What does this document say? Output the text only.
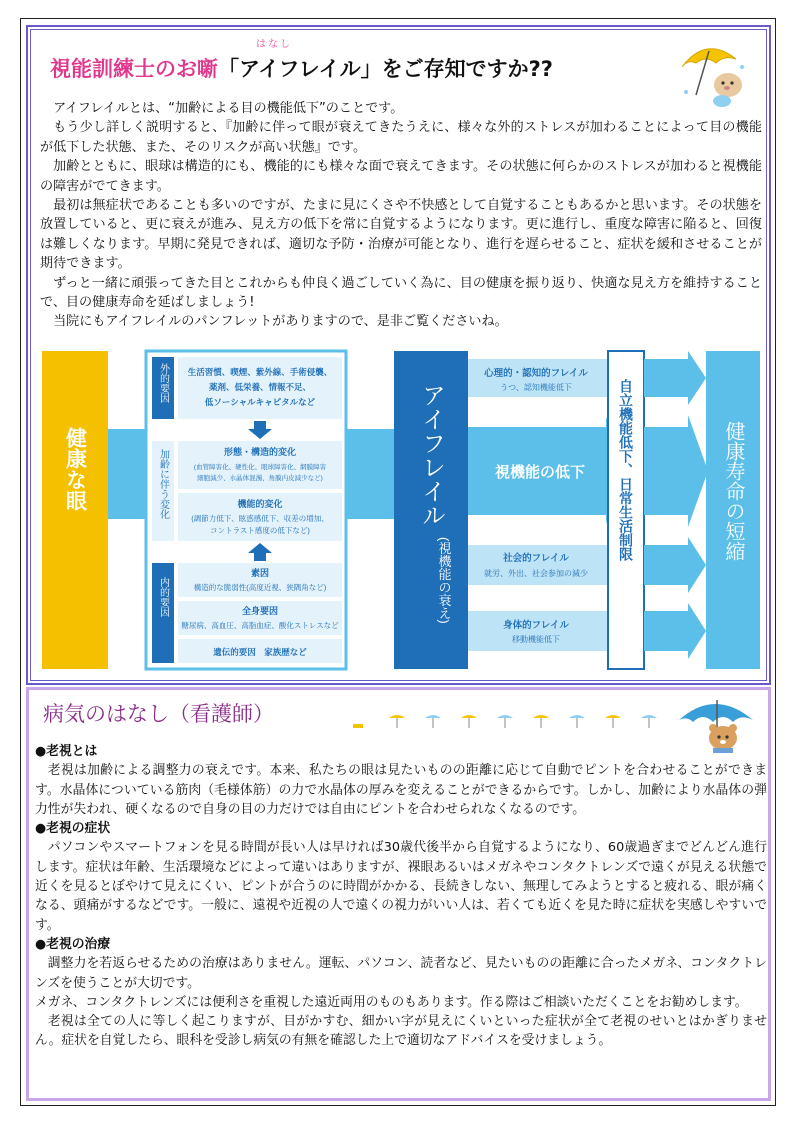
はなし
視能訓練士のお噺「アイフレイル」をご存知ですか??

アイフレイルとは、“加齢による目の機能低下”のことです。

もう少し詳しく説明すると、『加齢に伴って眼が衰えてきたうえに、様々な外的ストレスが加わることによって目の機能が低下した状態、また、そのリスクが高い状態』です。

加齢とともに、眼球は構造的にも、機能的にも様々な面で衰えてきます。その状態に何らかのストレスが加わると視機能の障害がでてきます。

最初は無症状であることも多いのですが、たまに見にくさや不快感として自覚することもあるかと思います。その状態を放置していると、更に衰えが進み、見え方の低下を常に自覚するようになります。更に進行し、重度な障害に陥ると、回復は難しくなります。早期に発見できれば、適切な予防・治療が可能となり、進行を遅らせること、症状を緩和させることが期待できます。

ずっと一緒に頑張ってきた目とこれからも仲良く過ごしていく為に、目の健康を振り返り、快適な見え方を維持することで、目の健康寿命を延ばしましょう!

当院にもアイフレイルのパンフレットがありますので、是非ご覧くださいね。

健康な眼
外的要因 生活習慣、喫煙、紫外線、手術侵襲、
薬剤、低栄養、情報不足、
低ソーシャルキャピタルなど
加齢に伴う変化	形態・構造的変化
(血管障害化、硬性化、眼球障害化、網膜障害
細胞減少、水晶体混濁、角膜内皮減少など)
機能的変化
(調節力低下、眩惑感低下、収差の増加、
コントラスト感度の低下など)
内的要因
素因
構造的な脆弱性(高度近視、狭隅角など)
全身要因
糖尿病、高血圧、高脂血症、酸化ストレスなど
遺伝的要因　家族歴など
アイフレイル
(視機能の衰え)
心理的・認知的フレイル
うつ、認知機能低下
視機能の低下
社会的フレイル
就労、外出、社会参加の減少
身体的フレイル
移動機能低下
自立機能低下、日常生活制限	健康寿命の短縮
病気のはなし（看護師）
●老視とは
老視は加齢による調整力の衰えです。本来、私たちの眼は見たいものの距離に応じて自動でピントを合わせることができます。水晶体についている筋肉（毛様体筋）の力で水晶体の厚みを変えることができるからです。しかし、加齢により水晶体の弾力性が失われ、硬くなるので自身の目の力だけでは自由にピントを合わせられなくなるのです。
●老視の症状
パソコンやスマートフォンを見る時間が長い人は早ければ30歳代後半から自覚するようになり、60歳過ぎまでどんどん進行します。症状は年齢、生活環境などによって違いはありますが、裸眼あるいはメガネやコンタクトレンズで遠くが見える状態で近くを見るとぼやけて見えにくい、ピントが合うのに時間がかかる、長続きしない、無理してみようとすると疲れる、眼が痛くなる、頭痛がするなどです。一般に、遠視や近視の人で遠くの視力がいい人は、若くても近くを見た時に症状を実感しやすいです。
●老視の治療
調整力を若返らせるための治療はありません。運転、パソコン、読者など、見たいものの距離に合ったメガネ、コンタクトレンズを使うことが大切です。
メガネ、コンタクトレンズには便利さを重視した遠近両用のものもあります。作る際はご相談いただくことをお勧めします。
老視は全ての人に等しく起こりますが、目がかすむ、細かい字が見えにくいといった症状が全て老視のせいとはかぎりません。症状を自覚したら、眼科を受診し病気の有無を確認した上で適切なアドバイスを受けましょう。
